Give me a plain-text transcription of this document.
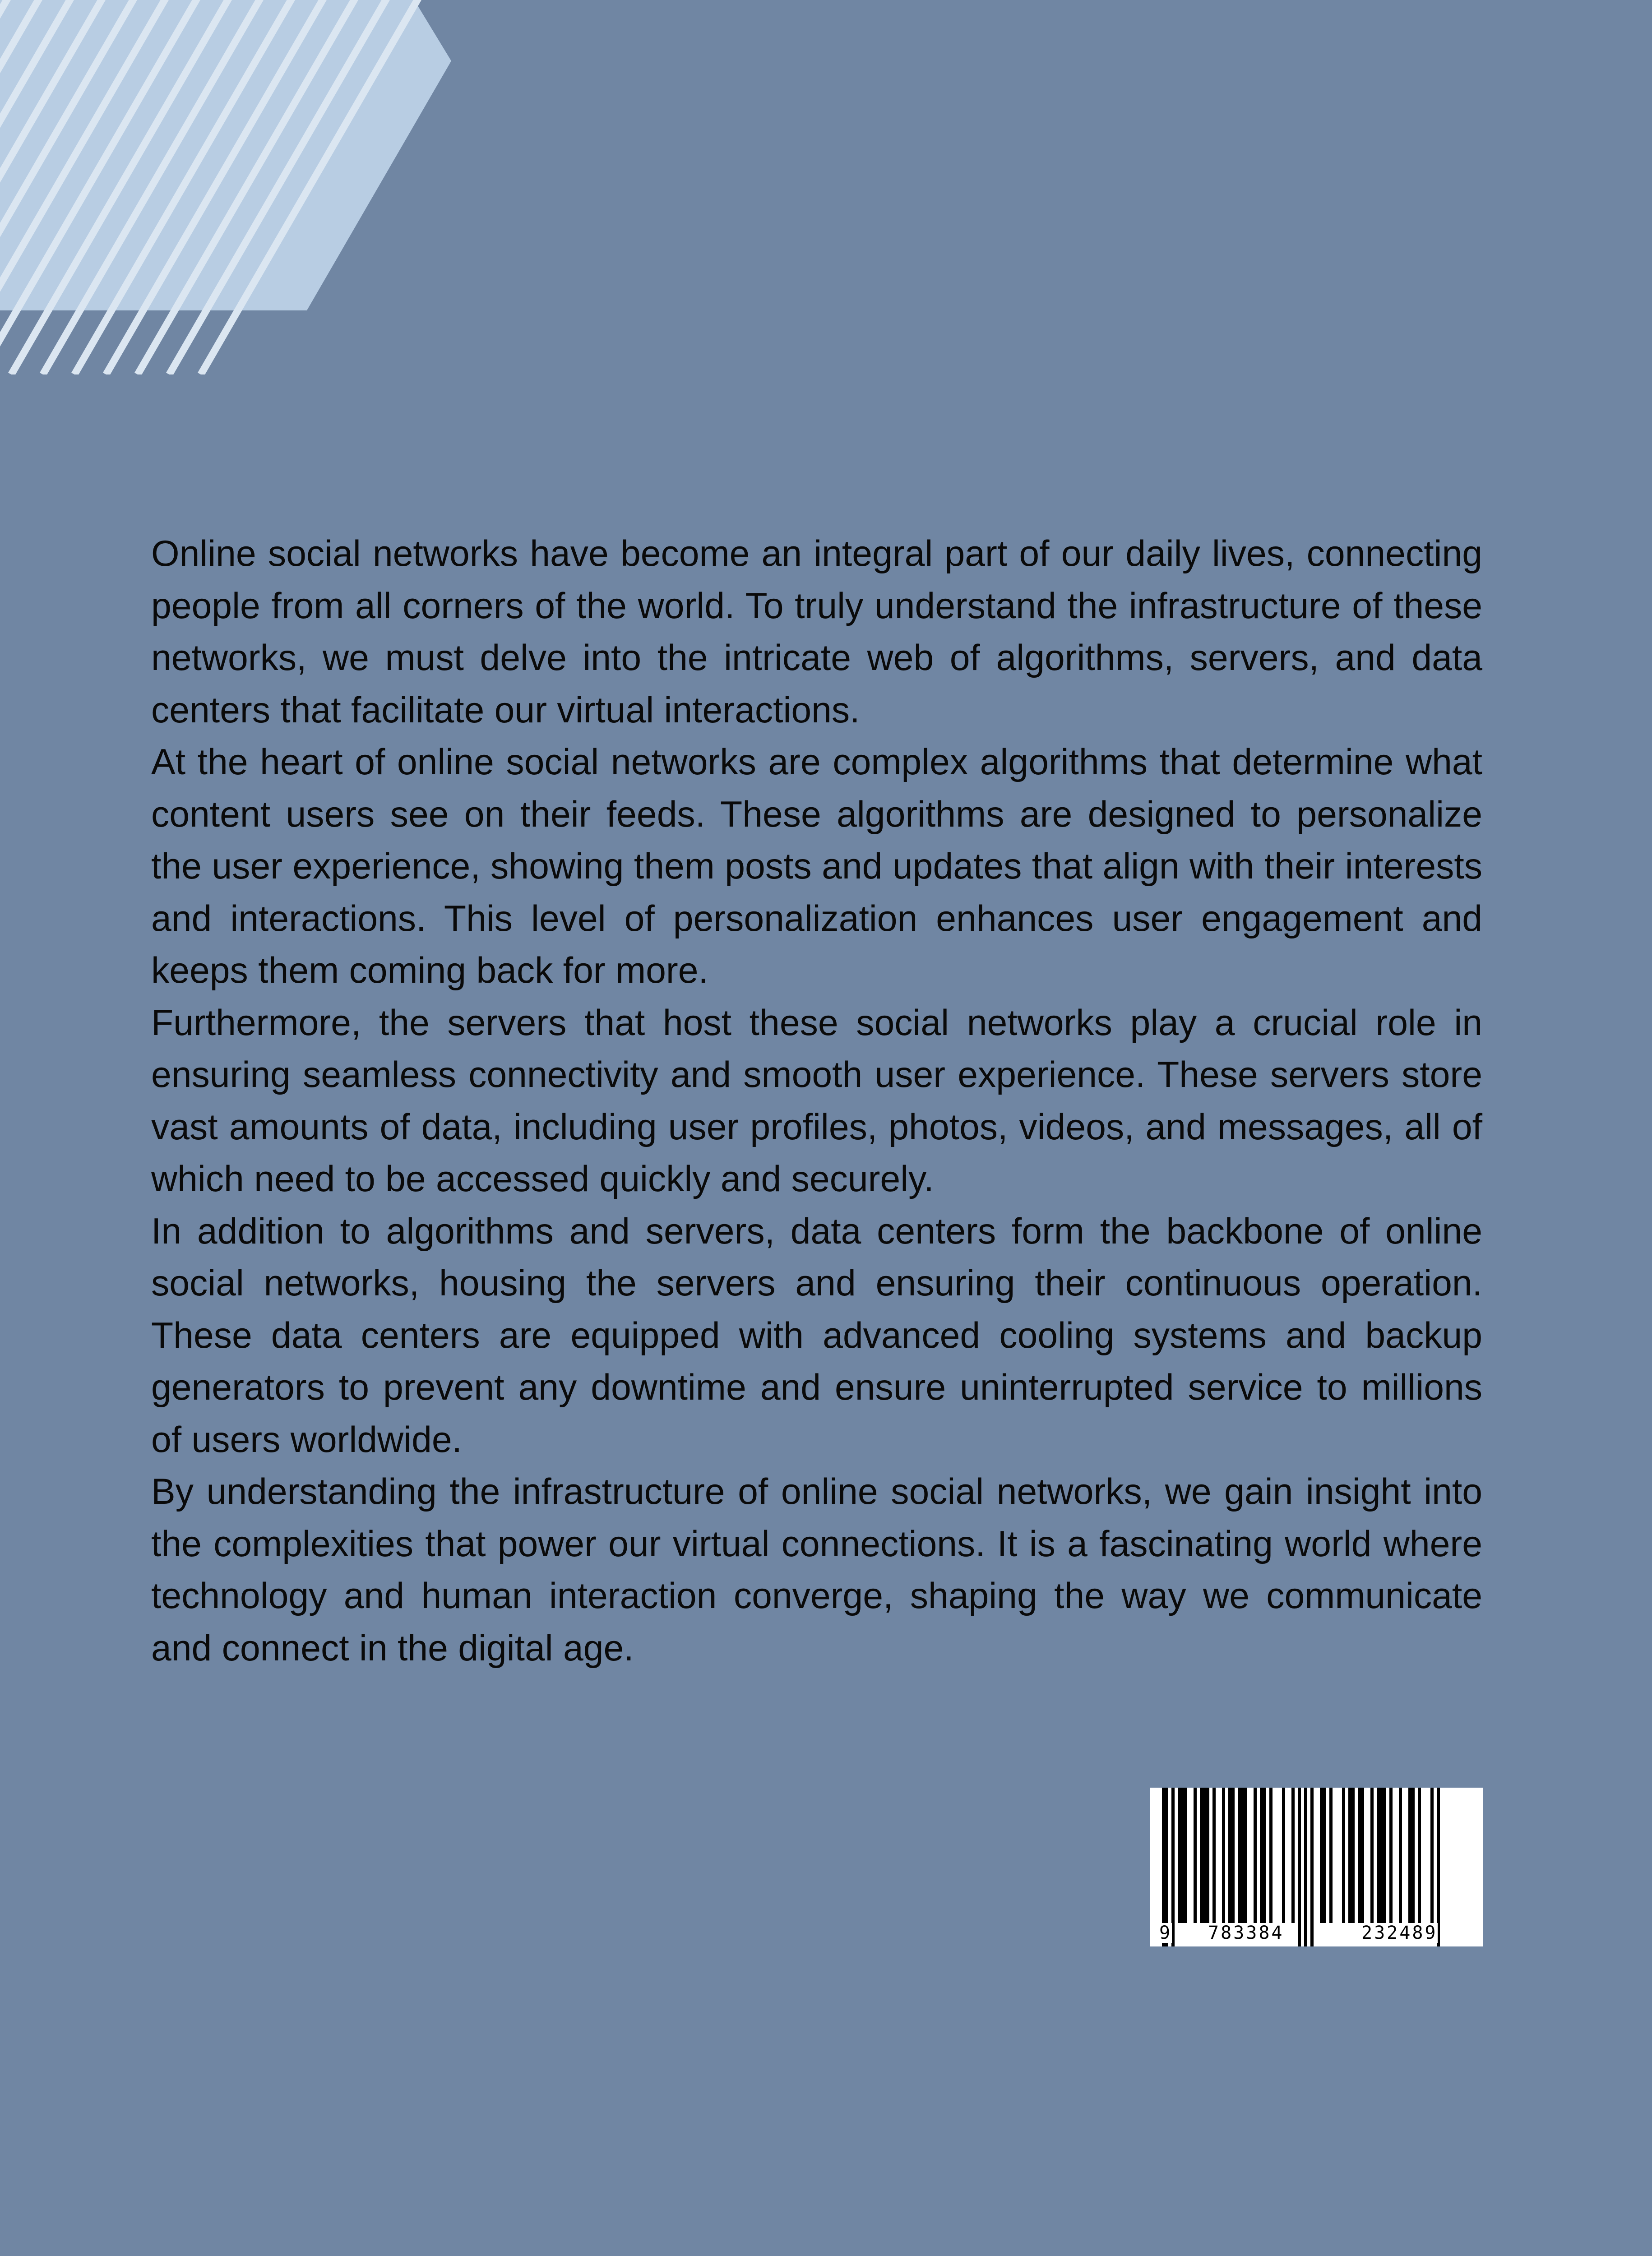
Online social networks have become an integral part of our daily lives, connecting people from all corners of the world. To truly understand the infrastructure of these networks, we must delve into the intricate web of algorithms, servers, and data centers that facilitate our virtual interactions.

At the heart of online social networks are complex algorithms that determine what content users see on their feeds. These algorithms are designed to personalize the user experience, showing them posts and updates that align with their interests and interactions. This level of personalization enhances user engagement and keeps them coming back for more.

Furthermore, the servers that host these social networks play a crucial role in ensuring seamless connectivity and smooth user experience. These servers store vast amounts of data, including user profiles, photos, videos, and messages, all of which need to be accessed quickly and securely.

In addition to algorithms and servers, data centers form the backbone of online social networks, housing the servers and ensuring their continuous operation. These data centers are equipped with advanced cooling systems and backup generators to prevent any downtime and ensure uninterrupted service to millions of users worldwide.

By understanding the infrastructure of online social networks, we gain insight into the complexities that power our virtual connections. It is a fascinating world where technology and human interaction converge, shaping the way we communicate and connect in the digital age.

9 783384	232489
